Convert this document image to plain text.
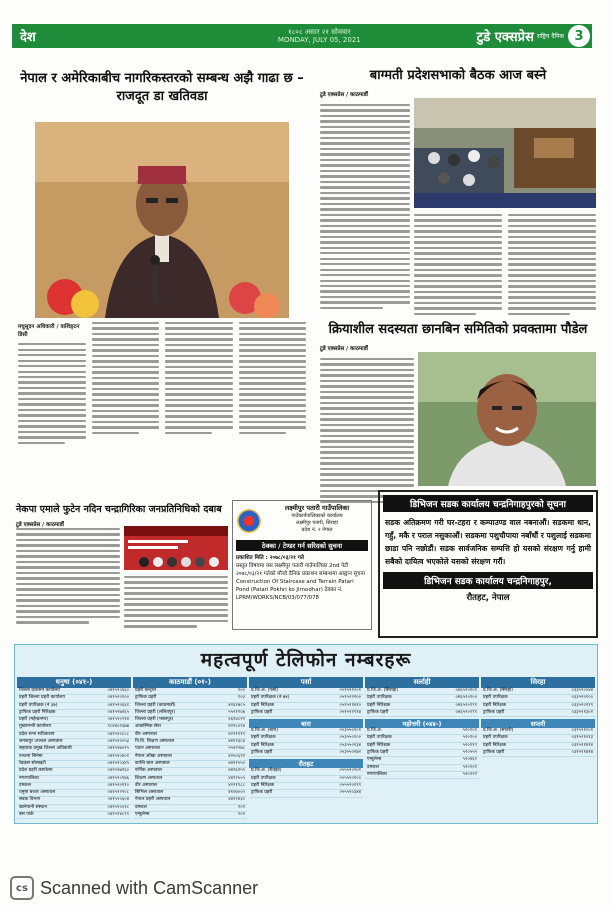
देश	१८०८ असार २१ सोमवार
MONDAY, JULY 05, 2021	टुडे एक्सप्रेस राष्ट्रिय दैनिक 3
नेपाल र अमेरिकाबीच नागरिकस्तरको सम्बन्ध अझै गाढा छ – राजदूत डा खतिवडा
मधुसूदन अधिकारी / वाशिङ्टन डिसी
बाग्मती प्रदेशसभाको बैठक आज बस्ने
टुडे एक्सप्रेस / काठमाडौं
क्रियाशील सदस्यता छानबिन समितिको प्रवक्तामा पौडेल
टुडे एक्सप्रेस / काठमाडौं
नेकपा एमाले फुटेन नदिन चन्द्रागिरिका जनप्रतिनिधिको दबाब
टुडे एक्सप्रेस / काठमाडौं
लक्ष्मीपुर पतारी गाउँपालिका
गाउँकार्यपालिकाको कार्यालय
लक्ष्मीपुर पतारी, सिराहा
प्रदेश नं. २ नेपाल
ठेक्का / टेण्डर गर्न सरिदको सुचना
प्रकाशित मिति : २०७८/०३/२१ गते
प्रस्तुत विषयमा यस लक्ष्मीपुर पतारी गाउँपालिका 2nd पेटी २०७८/०३/२१ गतेको मौजो दैनिक प्रकाशन सम्बन्धमा आह्वान सूचना Construction Of Staircase and Terrain Patari Pond (Patari Pokhri ko Jirnodhar) ठेक्का नं. LPRM/WORKS/NCB/03/077/078
डिभिजन सडक कार्यालय चन्द्रनिगाहपुरको सूचना
सडक अतिक्रमण गरी घर-टहरा र कम्पाउण्ड वाल नबनाऔं। सडकमा धान, गहुँ, मकै र पराल नसुकाऔं। सडकमा पशुचौपाया नबाँधौं र पशुलाई सडकमा छाडा पनि नछोडौं। सडक सार्वजनिक सम्पत्ति हो यसको संरक्षण गर्नु हामी सबैको दायित्व भएकोले यसको संरक्षण गरौं।
डिभिजन सडक कार्यालय चन्द्रनिगाहपुर,
रौतहट, नेपाल
महत्वपूर्ण टेलिफोन नम्बरहरू
धनुषा (०४१-)
जिल्ला प्रशासन कार्यालय	०४१५२०६६०
प्रहरी जिल्ला प्रहरी कार्यालय	०४१५२०१००
प्रहरी उपरिक्षक (नं ३७)	०४१५२०६६१
ट्राफिक प्रहरी निरिक्षक	०४१५२७४६५
प्रहरी (महेन्द्रनगर)	०४१५२०२१४
मुख्यमन्त्री कार्यालय	९८४४०२३७७
प्रदेश सभा सचिवालय	०४१५२०८८८
जनकपुर अञ्चल अस्पताल	०४१५२००५३
सहायक प्रमुख जिल्ला अधिकारी	०४१५२७०२५
रञ्जना सिनेमा	०४१५२०४०१
रेडक्रस सोसाइटी	०४१५२०३४५
प्रदेश प्रहरी कार्यालय	०४१५२७१६०
नगरपालिका	०४१५२०१७६
दमकल	०४१५२०११०
धनुषा बजार अस्पताल	०४१५२२२०८
सडक विभाग	०४१५२०६०४
खानेपानी संस्थान	०४१५२००१८
बस पार्क	०४१५२४८९९
काठमाडौं (०१-)
प्रहरी कन्ट्रोल	१००
ट्राफिक प्रहरी	१०३
जिल्ला प्रहरी (काठमाडौं)	४२६१७८५
जिल्ला प्रहरी (ललितपुर)	५५२१२०७
जिल्ला प्रहरी (भक्तपुर)	६६१४८२१
आकस्मिक सेवा	४२२८०९४
वीर अस्पताल	४२२१११९
त्रि.वि. शिक्षण अस्पताल	४४१२३०३
पाटन अस्पताल	५५२२२७८
नेपाल आँखा अस्पताल	४२५०६९१
कान्ति बाल अस्पताल	४४११५५०
नर्भिक अस्पताल	४४२६१५९
शिक्षण अस्पताल	४४१२५०५
वीर अस्पताल	४२२१९८८
सिभिल अस्पताल	४१०७०००
नेपाल प्रहरी अस्पताल	४४१२४३०
दमकल	१०१
एम्बुलेन्स	१०२
पर्सा
प्र.जि.अ. (पर्सा)	०५१५२२००१
प्रहरी उपरिक्षक (नं ७४)	०५१५२२२००
प्रहरी निरिक्षक	०५१५२१४१०
ट्राफिक प्रहरी	०५१५२२९९७
बारा
प्र.जि.अ. (बारा)	०५३५५०१०१
प्रहरी उपरिक्षक	०५३५५०१००
प्रहरी निरिक्षक	०५३५५०१३४
ट्राफिक प्रहरी	०५३५५०१७२
रौतहट
प्र.जि.अ. (रौतहट)	०५५५२०१०१
प्रहरी उपरिक्षक	०५५५२०१००
प्रहरी निरिक्षक	०५५५२०१९९
ट्राफिक प्रहरी	०५५५२०३४४
सर्लाही
प्र.जि.अ. (सिराहा)	०४६५२०१०१
प्रहरी उपरिक्षक	०४६५२०१००
प्रहरी निरिक्षक	०४६५२०१९९
ट्राफिक प्रहरी	०४६५२०२९९
महोत्तरी (०४४-)
प्र.जि.अ.	५२०१०१
प्रहरी उपरिक्षक	५२०१००
प्रहरी निरिक्षक	५२०११९
ट्राफिक प्रहरी	५२०५५५
एम्बुलेन्स	५२०४६२
दमकल	५२०१०१
नगरपालिका	५२०२२२
सिरहा
प्र.जि.अ. (सिरहा)	०३३५२००४४
प्रहरी उपरिक्षक	०३३५२०१००
प्रहरी निरिक्षक	०३३५२०११९
ट्राफिक प्रहरी	०३३५२१३०२
सप्तरी
प्र.जि.अ. (सप्तरी)	०३१५२१००१
प्रहरी उपरिक्षक	०३१५२१०१३
प्रहरी निरिक्षक	०३१५२१४१४
ट्राफिक प्रहरी	०३१५२१४१७
cs Scanned with CamScanner
